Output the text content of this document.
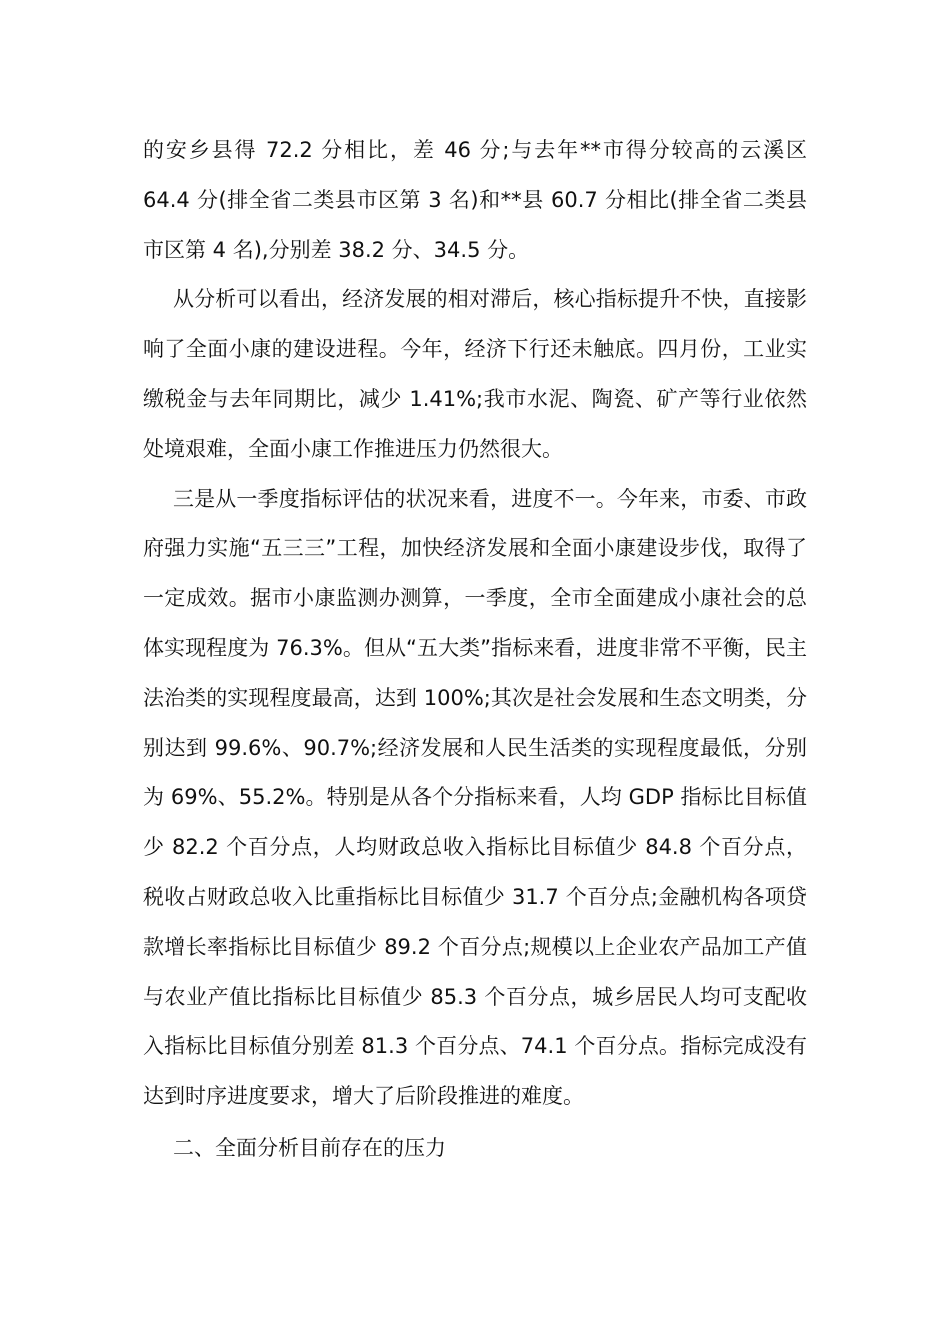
的安乡县得 72.2 分相比，差 46 分;与去年**市得分较高的云溪区 64.4 分(排全省二类县市区第 3 名)和**县 60.7 分相比(排全省二类县市区第 4 名),分别差 38.2 分、34.5 分。

从分析可以看出，经济发展的相对滞后，核心指标提升不快，直接影响了全面小康的建设进程。今年，经济下行还未触底。四月份，工业实缴税金与去年同期比，减少 1.41%;我市水泥、陶瓷、矿产等行业依然处境艰难，全面小康工作推进压力仍然很大。

三是从一季度指标评估的状况来看，进度不一。今年来，市委、市政府强力实施“五三三”工程，加快经济发展和全面小康建设步伐，取得了一定成效。据市小康监测办测算，一季度，全市全面建成小康社会的总体实现程度为 76.3%。但从“五大类”指标来看，进度非常不平衡，民主法治类的实现程度最高，达到 100%;其次是社会发展和生态文明类，分别达到 99.6%、90.7%;经济发展和人民生活类的实现程度最低，分别为 69%、55.2%。特别是从各个分指标来看，人均 GDP 指标比目标值少 82.2 个百分点，人均财政总收入指标比目标值少 84.8 个百分点，税收占财政总收入比重指标比目标值少 31.7 个百分点;金融机构各项贷款增长率指标比目标值少 89.2 个百分点;规模以上企业农产品加工产值与农业产值比指标比目标值少 85.3 个百分点，城乡居民人均可支配收入指标比目标值分别差 81.3 个百分点、74.1 个百分点。指标完成没有达到时序进度要求，增大了后阶段推进的难度。

二、全面分析目前存在的压力
